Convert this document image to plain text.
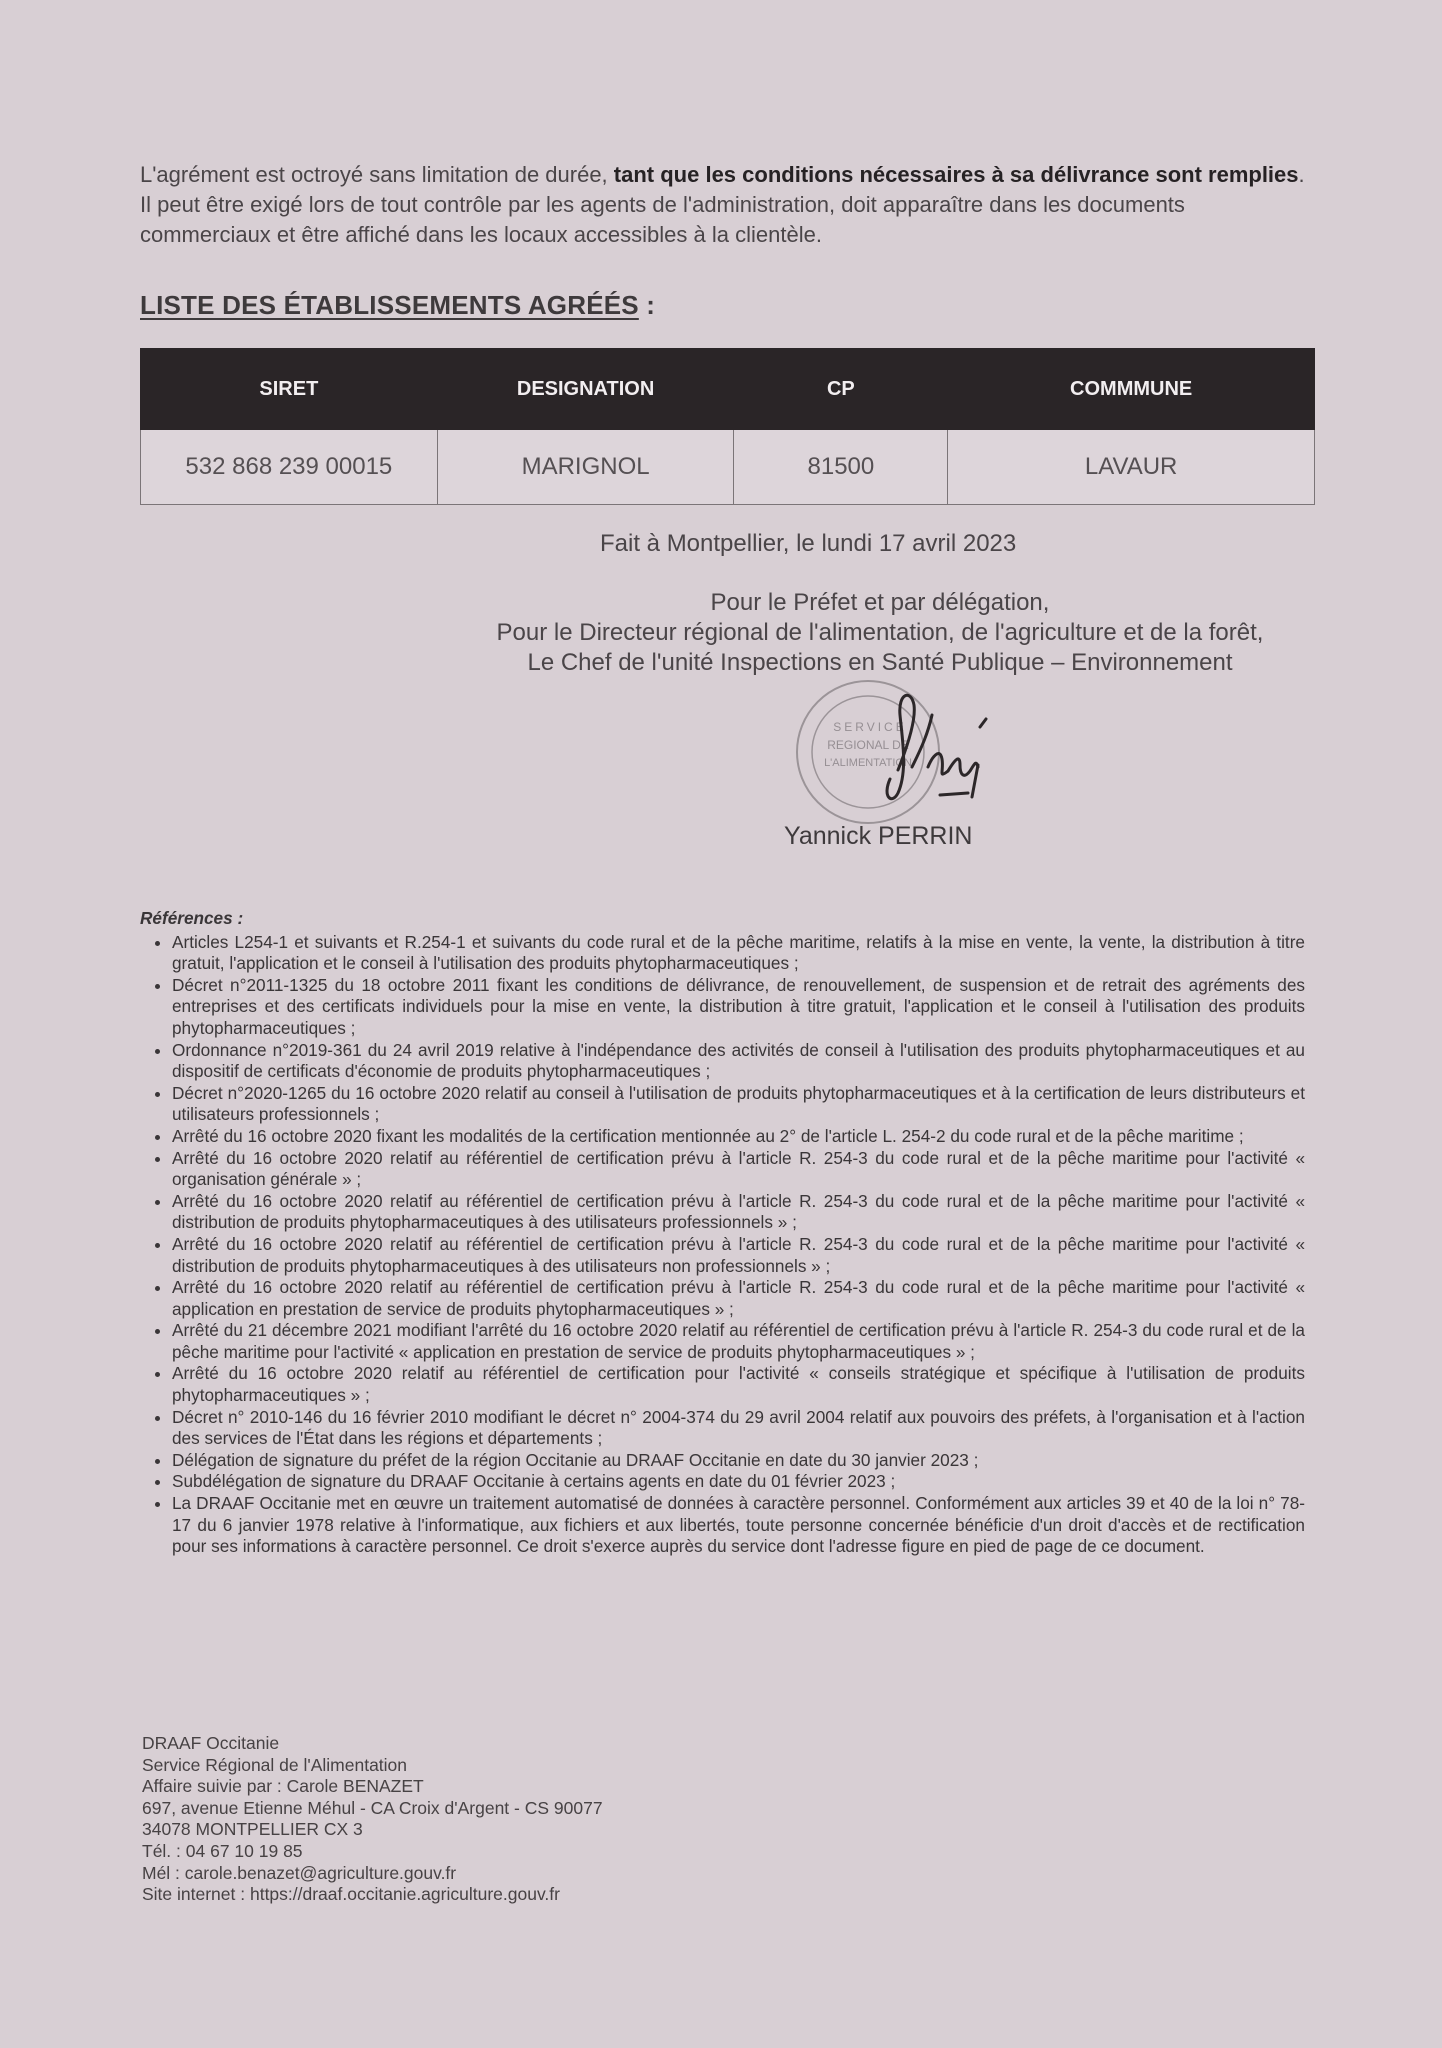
L'agrément est octroyé sans limitation de durée, tant que les conditions nécessaires à sa délivrance sont remplies. Il peut être exigé lors de tout contrôle par les agents de l'administration, doit apparaître dans les documents commerciaux et être affiché dans les locaux accessibles à la clientèle.

LISTE DES ÉTABLISSEMENTS AGRÉÉS :
SIRET	DESIGNATION	CP	COMMMUNE
532 868 239 00015	MARIGNOL	81500	LAVAUR
Fait à Montpellier, le lundi 17 avril 2023
Pour le Préfet et par délégation,
Pour le Directeur régional de l'alimentation, de l'agriculture et de la forêt,
Le Chef de l'unité Inspections en Santé Publique – Environnement
SERVICE
REGIONAL DE
L'ALIMENTATION
Yannick PERRIN
Références :
• Articles L254-1 et suivants et R.254-1 et suivants du code rural et de la pêche maritime, relatifs à la mise en vente, la vente, la distribution à titre gratuit, l'application et le conseil à l'utilisation des produits phytopharmaceutiques ;
• Décret n°2011-1325 du 18 octobre 2011 fixant les conditions de délivrance, de renouvellement, de suspension et de retrait des agréments des entreprises et des certificats individuels pour la mise en vente, la distribution à titre gratuit, l'application et le conseil à l'utilisation des produits phytopharmaceutiques ;
• Ordonnance n°2019-361 du 24 avril 2019 relative à l'indépendance des activités de conseil à l'utilisation des produits phytopharmaceutiques et au dispositif de certificats d'économie de produits phytopharmaceutiques ;
• Décret n°2020-1265 du 16 octobre 2020 relatif au conseil à l'utilisation de produits phytopharmaceutiques et à la certification de leurs distributeurs et utilisateurs professionnels ;
• Arrêté du 16 octobre 2020 fixant les modalités de la certification mentionnée au 2° de l'article L. 254-2 du code rural et de la pêche maritime ;
• Arrêté du 16 octobre 2020 relatif au référentiel de certification prévu à l'article R. 254-3 du code rural et de la pêche maritime pour l'activité « organisation générale » ;
• Arrêté du 16 octobre 2020 relatif au référentiel de certification prévu à l'article R. 254-3 du code rural et de la pêche maritime pour l'activité « distribution de produits phytopharmaceutiques à des utilisateurs professionnels » ;
• Arrêté du 16 octobre 2020 relatif au référentiel de certification prévu à l'article R. 254-3 du code rural et de la pêche maritime pour l'activité « distribution de produits phytopharmaceutiques à des utilisateurs non professionnels » ;
• Arrêté du 16 octobre 2020 relatif au référentiel de certification prévu à l'article R. 254-3 du code rural et de la pêche maritime pour l'activité « application en prestation de service de produits phytopharmaceutiques » ;
• Arrêté du 21 décembre 2021 modifiant l'arrêté du 16 octobre 2020 relatif au référentiel de certification prévu à l'article R. 254-3 du code rural et de la pêche maritime pour l'activité « application en prestation de service de produits phytopharmaceutiques » ;
• Arrêté du 16 octobre 2020 relatif au référentiel de certification pour l'activité « conseils stratégique et spécifique à l'utilisation de produits phytopharmaceutiques » ;
• Décret n° 2010-146 du 16 février 2010 modifiant le décret n° 2004-374 du 29 avril 2004 relatif aux pouvoirs des préfets, à l'organisation et à l'action des services de l'État dans les régions et départements ;
• Délégation de signature du préfet de la région Occitanie au DRAAF Occitanie en date du 30 janvier 2023 ;
• Subdélégation de signature du DRAAF Occitanie à certains agents en date du 01 février 2023 ;
• La DRAAF Occitanie met en œuvre un traitement automatisé de données à caractère personnel. Conformément aux articles 39 et 40 de la loi n° 78-17 du 6 janvier 1978 relative à l'informatique, aux fichiers et aux libertés, toute personne concernée bénéficie d'un droit d'accès et de rectification pour ses informations à caractère personnel. Ce droit s'exerce auprès du service dont l'adresse figure en pied de page de ce document.
DRAAF Occitanie
Service Régional de l'Alimentation
Affaire suivie par : Carole BENAZET
697, avenue Etienne Méhul - CA Croix d'Argent - CS 90077
34078 MONTPELLIER CX 3
Tél. : 04 67 10 19 85
Mél : carole.benazet@agriculture.gouv.fr
Site internet : https://draaf.occitanie.agriculture.gouv.fr
